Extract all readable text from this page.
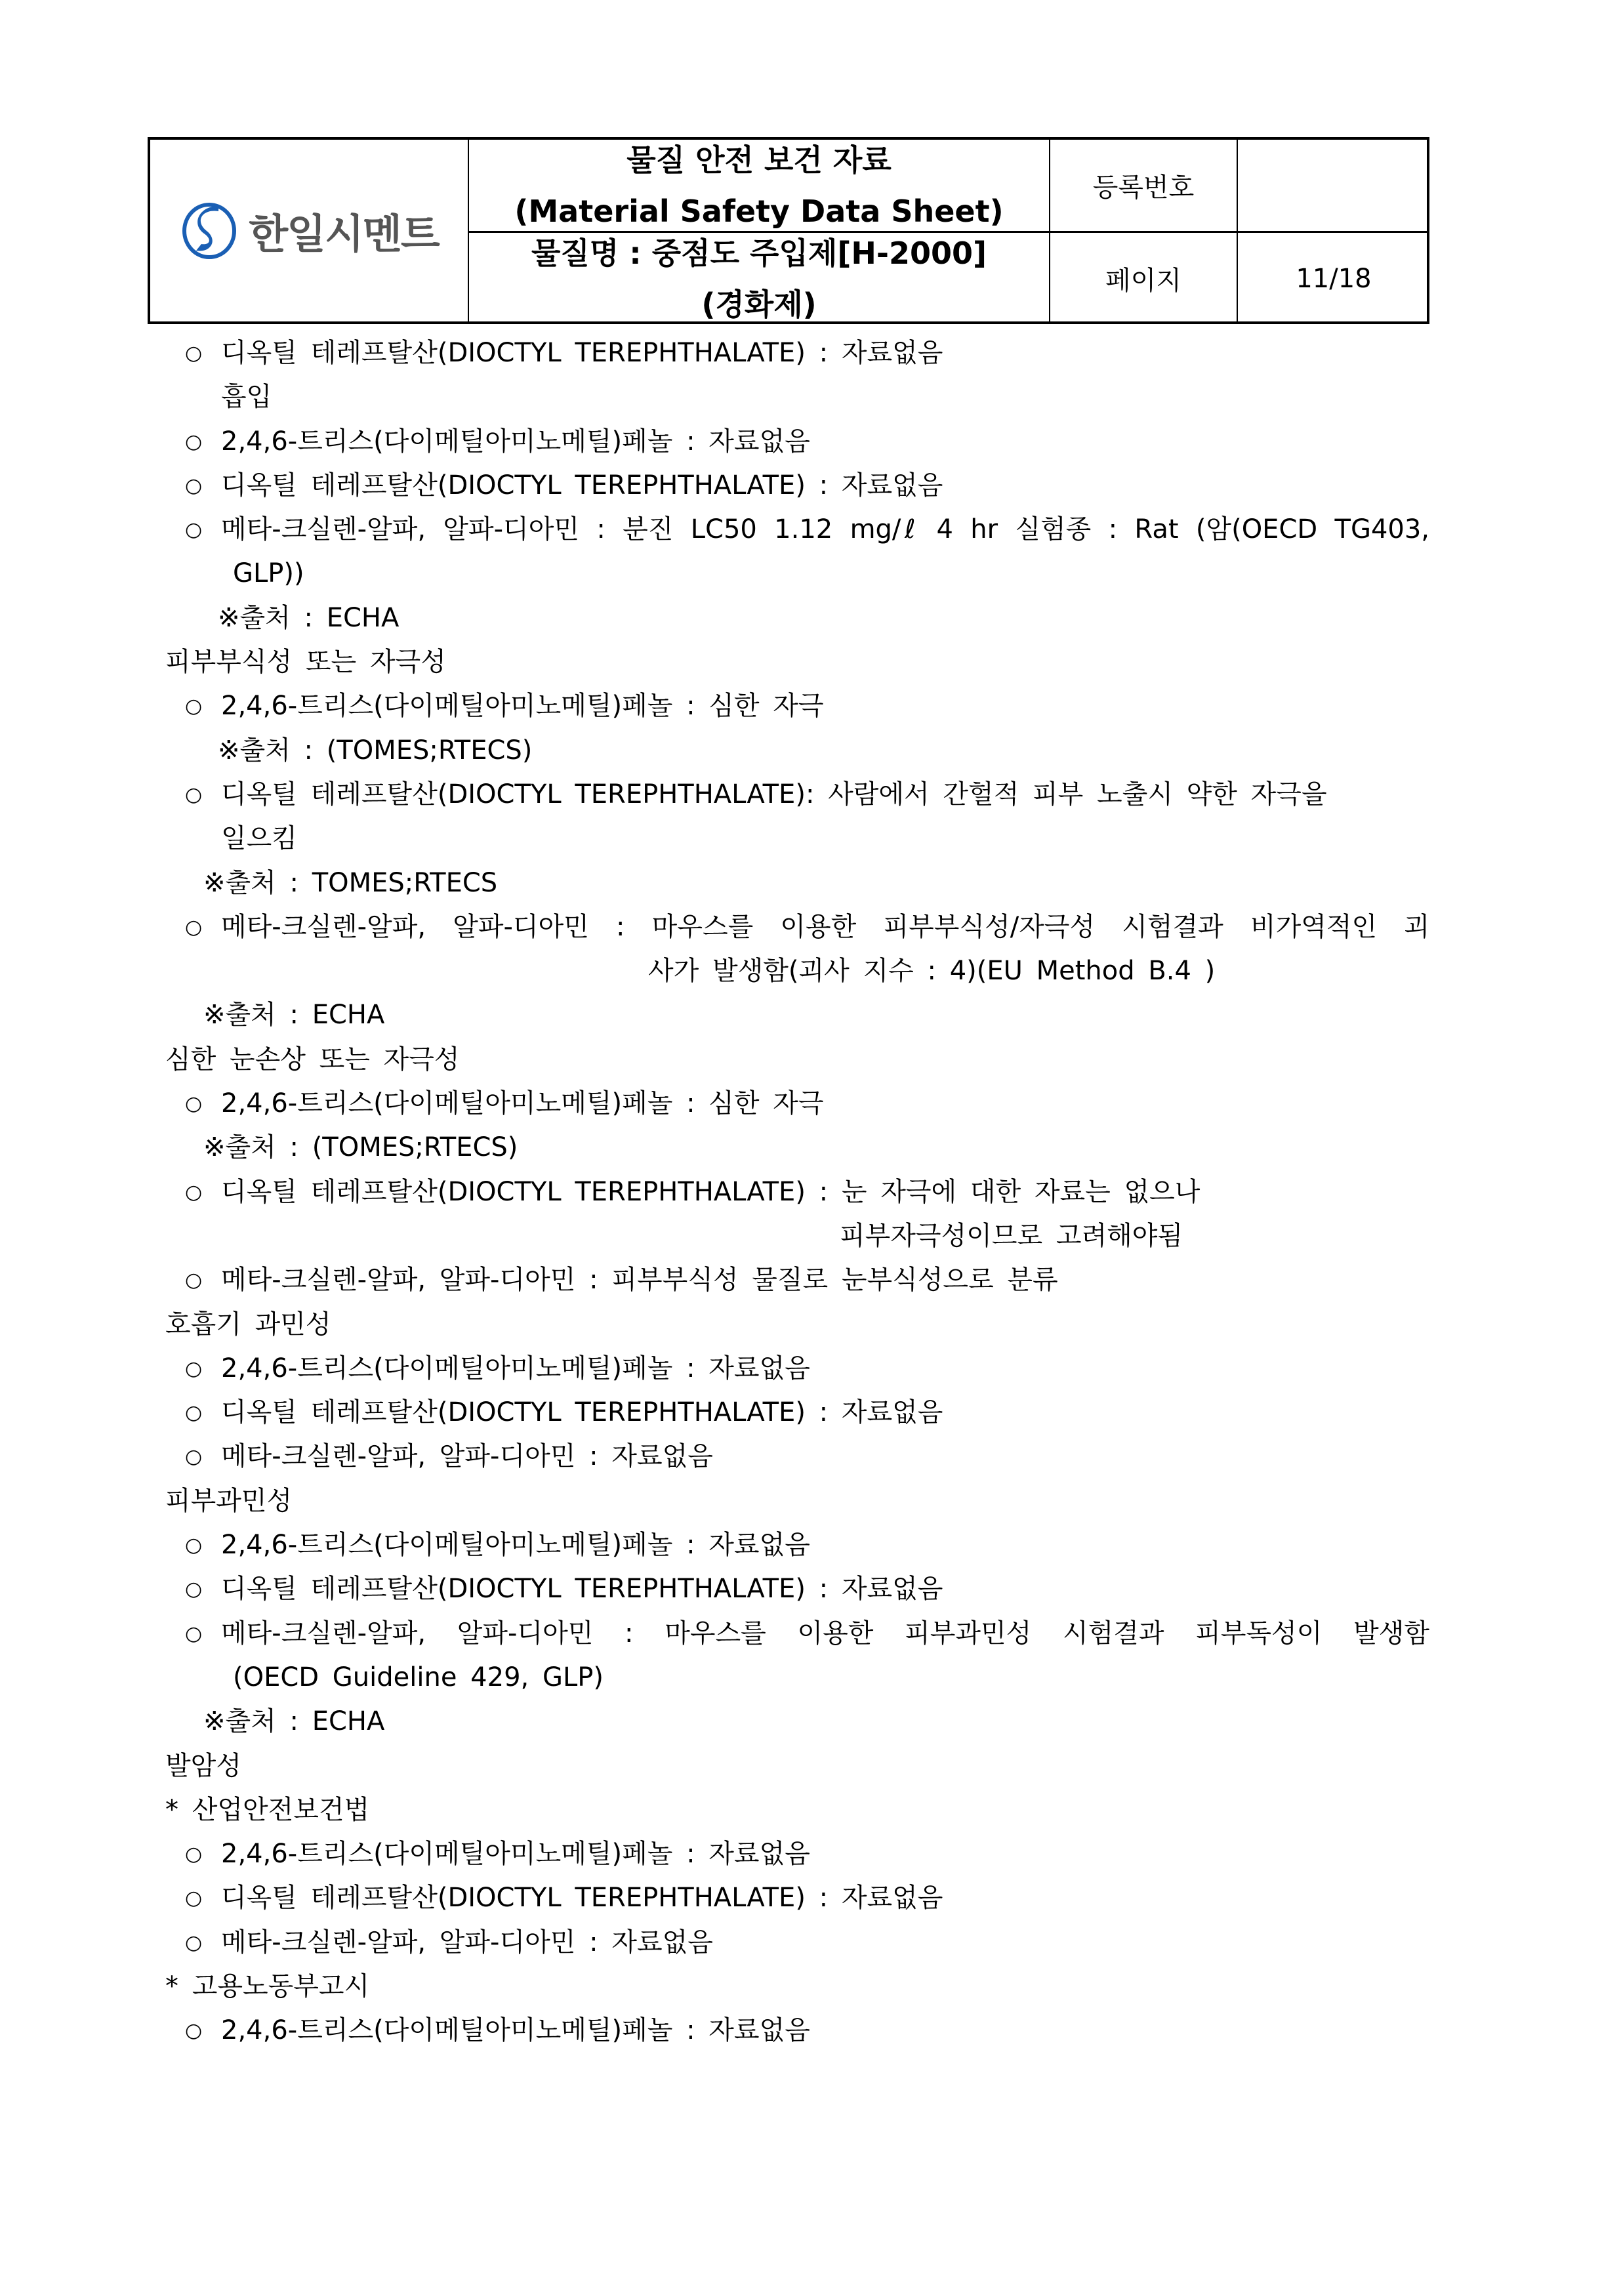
한일시멘트
물질 안전 보건 자료
(Material Safety Data Sheet)
물질명 : 중점도 주입제[H-2000]
(경화제)
등록번호
페이지	11/18
○ 디옥틸 테레프탈산(DIOCTYL TEREPHTHALATE) : 자료없음
흡입
○ 2,4,6-트리스(다이메틸아미노메틸)페놀 : 자료없음
○ 디옥틸 테레프탈산(DIOCTYL TEREPHTHALATE) : 자료없음
○ 메타-크실렌-알파, 알파-디아민 : 분진 LC50 1.12 mg/ℓ 4 hr 실험종 : Rat (암(OECD TG403,
GLP))
※출처 : ECHA
피부부식성 또는 자극성
○ 2,4,6-트리스(다이메틸아미노메틸)페놀 : 심한 자극
※출처 : (TOMES;RTECS)
○ 디옥틸 테레프탈산(DIOCTYL TEREPHTHALATE): 사람에서 간헐적 피부 노출시 약한 자극을
일으킴
※출처 : TOMES;RTECS
○ 메타-크실렌-알파, 알파-디아민 : 마우스를 이용한 피부부식성/자극성 시험결과 비가역적인 괴
사가 발생함(괴사 지수 : 4)(EU Method B.4 )
※출처 : ECHA
심한 눈손상 또는 자극성
○ 2,4,6-트리스(다이메틸아미노메틸)페놀 : 심한 자극
※출처 : (TOMES;RTECS)
○ 디옥틸 테레프탈산(DIOCTYL TEREPHTHALATE) : 눈 자극에 대한 자료는 없으나
피부자극성이므로 고려해야됨
○ 메타-크실렌-알파, 알파-디아민 : 피부부식성 물질로 눈부식성으로 분류
호흡기 과민성
○ 2,4,6-트리스(다이메틸아미노메틸)페놀 : 자료없음
○ 디옥틸 테레프탈산(DIOCTYL TEREPHTHALATE) : 자료없음
○ 메타-크실렌-알파, 알파-디아민 : 자료없음
피부과민성
○ 2,4,6-트리스(다이메틸아미노메틸)페놀 : 자료없음
○ 디옥틸 테레프탈산(DIOCTYL TEREPHTHALATE) : 자료없음
○ 메타-크실렌-알파, 알파-디아민 : 마우스를 이용한 피부과민성 시험결과 피부독성이 발생함
(OECD Guideline 429, GLP)
※출처 : ECHA
발암성
* 산업안전보건법
○ 2,4,6-트리스(다이메틸아미노메틸)페놀 : 자료없음
○ 디옥틸 테레프탈산(DIOCTYL TEREPHTHALATE) : 자료없음
○ 메타-크실렌-알파, 알파-디아민 : 자료없음
* 고용노동부고시
○ 2,4,6-트리스(다이메틸아미노메틸)페놀 : 자료없음
